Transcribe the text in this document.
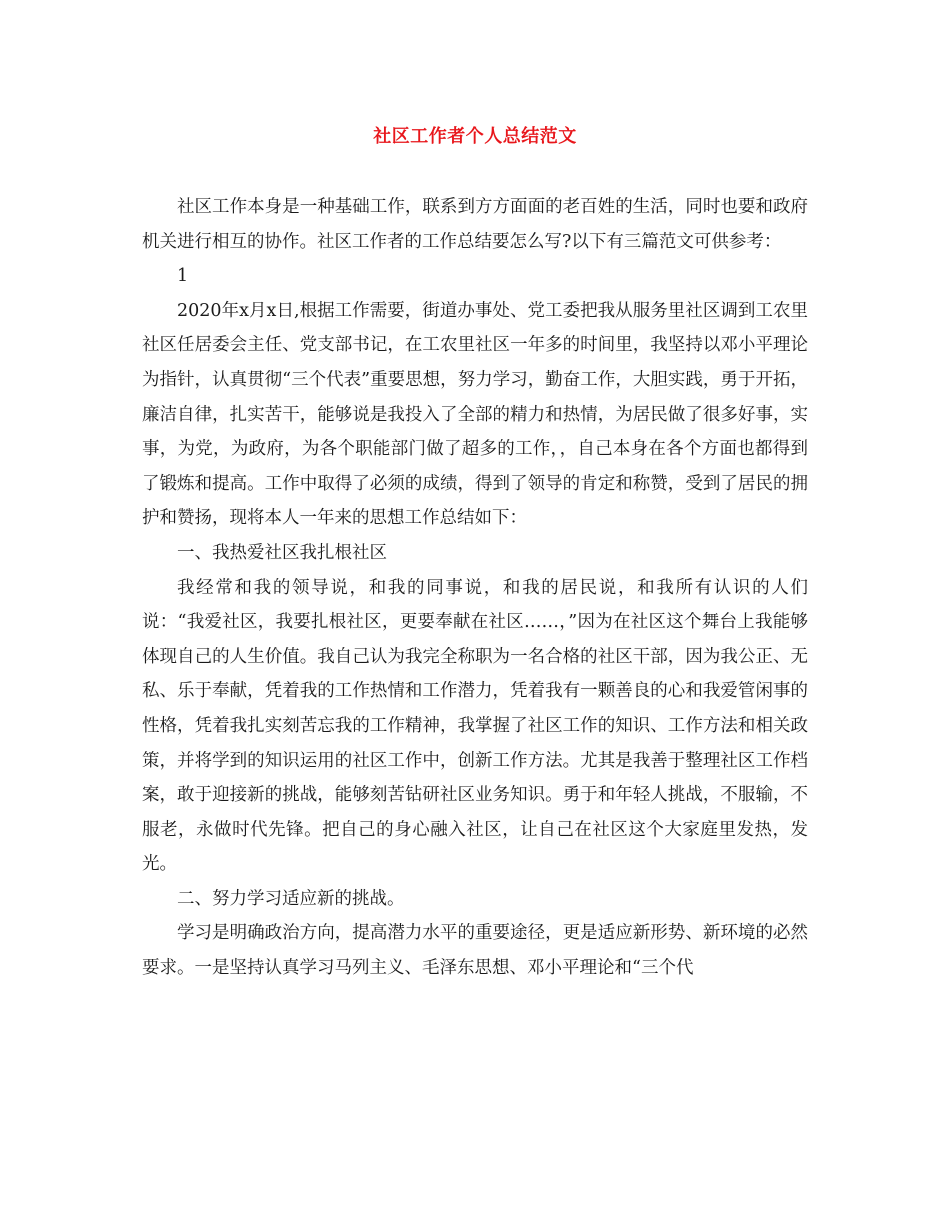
社区工作者个人总结范文

社区工作本身是一种基础工作，联系到方方面面的老百姓的生活，同时也要和政府机关进行相互的协作。社区工作者的工作总结要怎么写?以下有三篇范文可供参考：

1

2020年x月x日,根据工作需要，街道办事处、党工委把我从服务里社区调到工农里社区任居委会主任、党支部书记，在工农里社区一年多的时间里，我坚持以邓小平理论为指针，认真贯彻“三个代表”重要思想，努力学习，勤奋工作，大胆实践，勇于开拓，廉洁自律，扎实苦干，能够说是我投入了全部的精力和热情，为居民做了很多好事，实事，为党，为政府，为各个职能部门做了超多的工作，，自己本身在各个方面也都得到了锻炼和提高。工作中取得了必须的成绩，得到了领导的肯定和称赞，受到了居民的拥护和赞扬，现将本人一年来的思想工作总结如下：

一、我热爱社区我扎根社区

我经常和我的领导说，和我的同事说，和我的居民说，和我所有认识的人们说：“我爱社区，我要扎根社区，更要奉献在社区……，”因为在社区这个舞台上我能够体现自己的人生价值。我自己认为我完全称职为一名合格的社区干部，因为我公正、无私、乐于奉献，凭着我的工作热情和工作潜力，凭着我有一颗善良的心和我爱管闲事的性格，凭着我扎实刻苦忘我的工作精神，我掌握了社区工作的知识、工作方法和相关政策，并将学到的知识运用的社区工作中，创新工作方法。尤其是我善于整理社区工作档案，敢于迎接新的挑战，能够刻苦钻研社区业务知识。勇于和年轻人挑战，不服输，不服老，永做时代先锋。把自己的身心融入社区，让自己在社区这个大家庭里发热，发光。

二、努力学习适应新的挑战。

学习是明确政治方向，提高潜力水平的重要途径，更是适应新形势、新环境的必然要求。一是坚持认真学习马列主义、毛泽东思想、邓小平理论和“三个代
